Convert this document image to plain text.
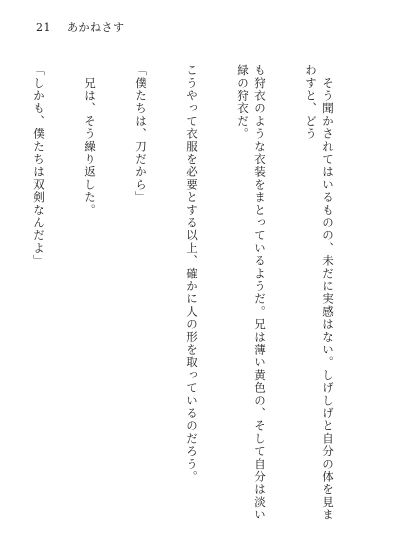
21 あかねさす

　そう聞かされてはいるものの、未だに実感はない。しげしげと自分の体を見まわすと、どう

も狩衣のような衣装をまとっているようだ。兄は薄い黄色の、そして自分は淡い緑の狩衣だ。

こうやって衣服を必要とする以上、確かに人の形を取っているのだろう。

「僕たちは、刀だから」

　兄は、そう繰り返した。

「しかも、僕たちは双剣なんだよ」
